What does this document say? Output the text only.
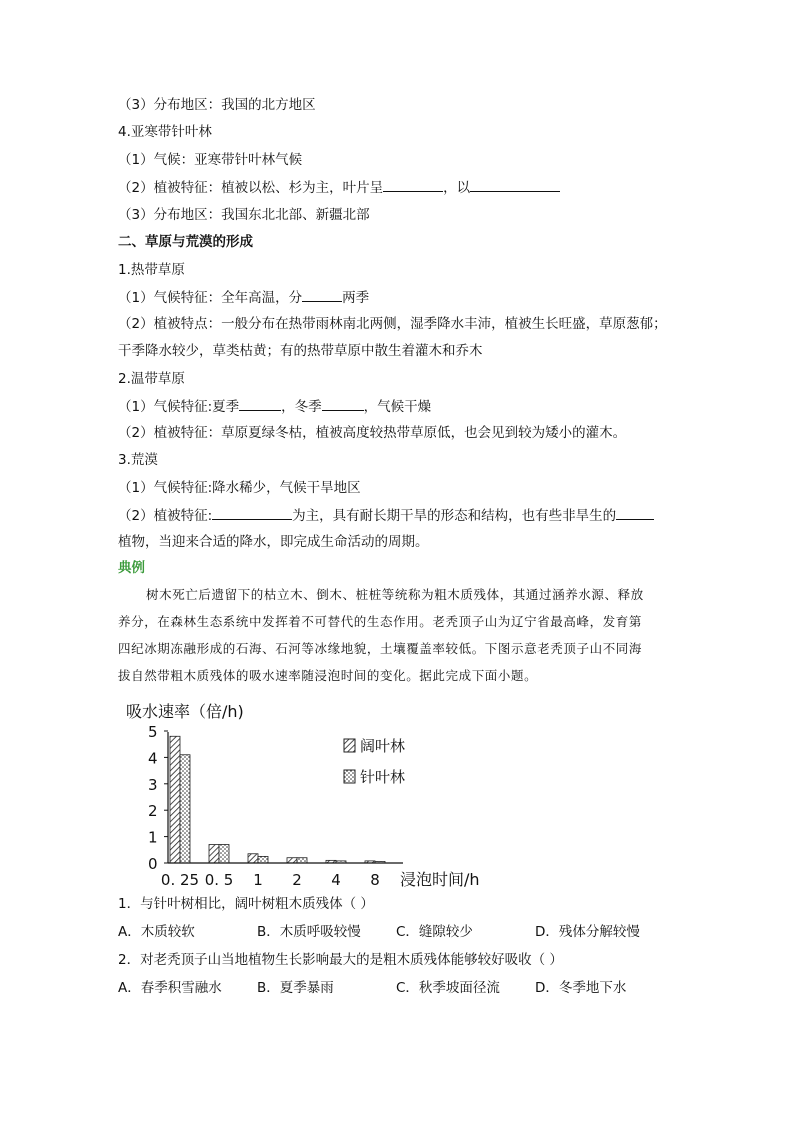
（3）分布地区：我国的北方地区
4.亚寒带针叶林
（1）气候：亚寒带针叶林气候
（2）植被特征：植被以松、杉为主，叶片呈	，以
（3）分布地区：我国东北北部、新疆北部
二、草原与荒漠的形成
1.热带草原
（1）气候特征：全年高温，分	两季
（2）植被特点：一般分布在热带雨林南北两侧，湿季降水丰沛，植被生长旺盛，草原葱郁；
干季降水较少，草类枯黄；有的热带草原中散生着灌木和乔木
2.温带草原
（1）气候特征:夏季	，冬季	，气候干燥
（2）植被特征：草原夏绿冬枯，植被高度较热带草原低，也会见到较为矮小的灌木。
3.荒漠
（1）气候特征:降水稀少，气候干旱地区
（2）植被特征:	为主，具有耐长期干旱的形态和结构，也有些非旱生的
植物，当迎来合适的降水，即完成生命活动的周期。
典例
树木死亡后遗留下的枯立木、倒木、桩桩等统称为粗木质残体，其通过涵养水源、释放
养分，在森林生态系统中发挥着不可替代的生态作用。老秃顶子山为辽宁省最高峰，发育第
四纪冰期冻融形成的石海、石河等冰缘地貌，土壤覆盖率较低。下图示意老秃顶子山不同海
拔自然带粗木质残体的吸水速率随浸泡时间的变化。据此完成下面小题。
吸水速率（倍/h)
0
1
2
3
4
5
0. 25 0. 5 1 2 4 8 浸泡时间/h
阔叶林
针叶林
1．与针叶树相比，阔叶树粗木质残体（ ）
A．木质较软	B．木质呼吸较慢	C．缝隙较少	D．残体分解较慢
2．对老秃顶子山当地植物生长影响最大的是粗木质残体能够较好吸收（ ）
A．春季积雪融水	B．夏季暴雨	C．秋季坡面径流	D．冬季地下水
